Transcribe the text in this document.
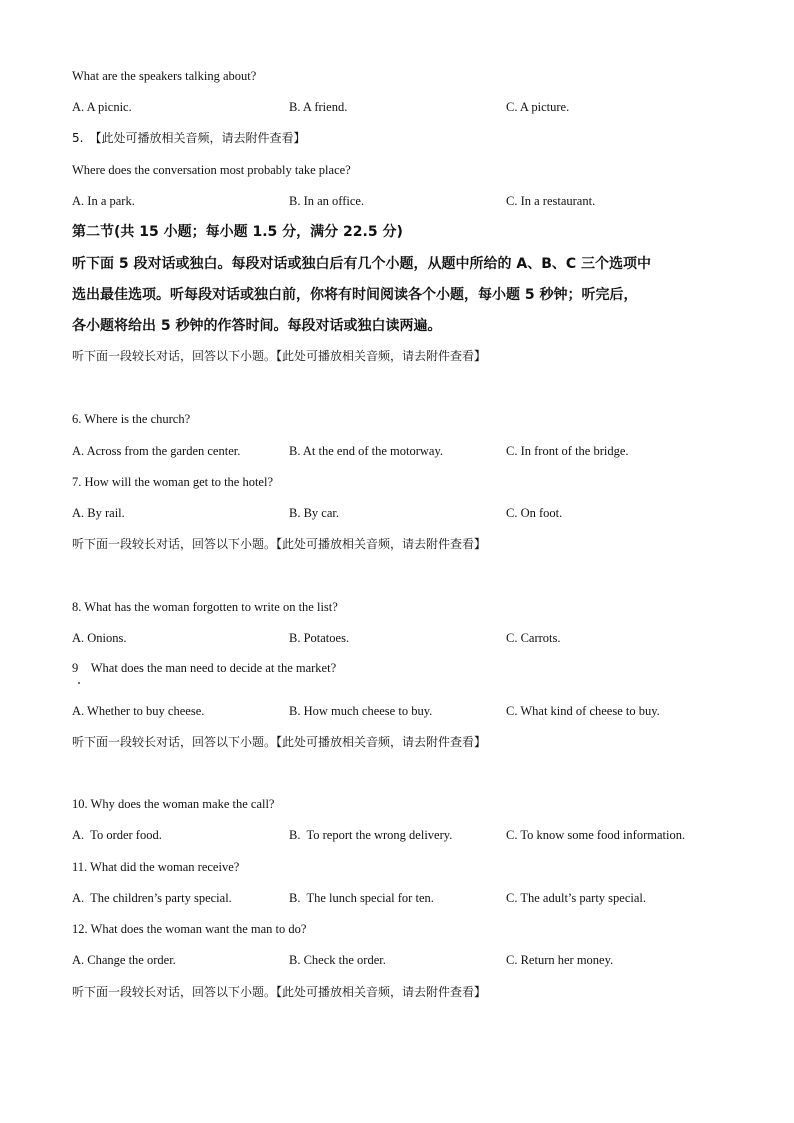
What are the speakers talking about?
A. A picnic.	B. A friend.	C. A picture.
5.　【此处可播放相关音频，请去附件查看】
Where does the conversation most probably take place?
A. In a park.	B. In an office.	C. In a restaurant.
第二节(共 15 小题；每小题 1.5 分，满分 22.5 分)
听下面 5 段对话或独白。每段对话或独白后有几个小题，从题中所给的 A、B、C 三个选项中
选出最佳选项。听每段对话或独白前，你将有时间阅读各个小题，每小题 5 秒钟；听完后，
各小题将给出 5 秒钟的作答时间。每段对话或独白读两遍。
听下面一段较长对话，回答以下小题。【此处可播放相关音频，请去附件查看】
6. Where is the church?
A. Across from the garden center.	B. At the end of the motorway.	C. In front of the bridge.
7. How will the woman get to the hotel?
A. By rail.	B. By car.	C. On foot.
听下面一段较长对话，回答以下小题。【此处可播放相关音频，请去附件查看】
8. What has the woman forgotten to write on the list?
A. Onions.	B. Potatoes.	C. Carrots.
9　What does the man need to decide at the market?
A. Whether to buy cheese.	B. How much cheese to buy.	C. What kind of cheese to buy.
听下面一段较长对话，回答以下小题。【此处可播放相关音频，请去附件查看】
10. Why does the woman make the call?
A.  To order food.	B.  To report the wrong delivery.	C. To know some food information.
11. What did the woman receive?
A.  The children’s party special.	B.  The lunch special for ten.	C. The adult’s party special.
12. What does the woman want the man to do?
A. Change the order.	B. Check the order.	C. Return her money.
听下面一段较长对话，回答以下小题。【此处可播放相关音频，请去附件查看】
